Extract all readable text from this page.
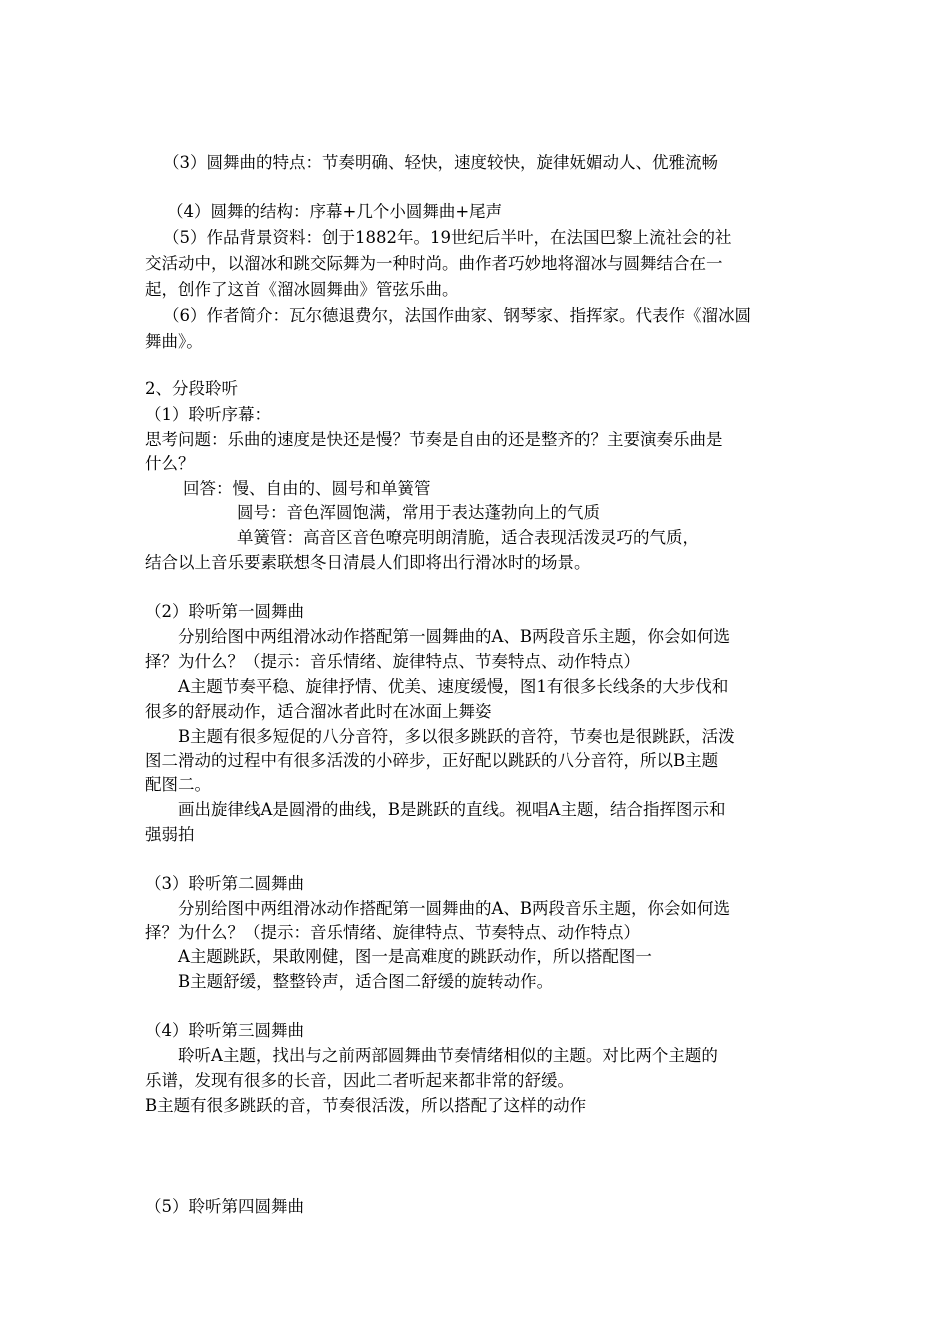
（3）圆舞曲的特点：节奏明确、轻快，速度较快，旋律妩媚动人、优雅流畅
（4）圆舞的结构：序幕+几个小圆舞曲+尾声
（5）作品背景资料：创于1882年。19世纪后半叶，在法国巴黎上流社会的社
交活动中，以溜冰和跳交际舞为一种时尚。曲作者巧妙地将溜冰与圆舞结合在一
起，创作了这首《溜冰圆舞曲》管弦乐曲。
（6）作者简介：瓦尔德退费尔，法国作曲家、钢琴家、指挥家。代表作《溜冰圆
舞曲》。
2、分段聆听
（1）聆听序幕：
思考问题：乐曲的速度是快还是慢？节奏是自由的还是整齐的？主要演奏乐曲是
什么？
回答：慢、自由的、圆号和单簧管
圆号：音色浑圆饱满，常用于表达蓬勃向上的气质
单簧管：高音区音色嘹亮明朗清脆，适合表现活泼灵巧的气质，
结合以上音乐要素联想冬日清晨人们即将出行滑冰时的场景。
（2）聆听第一圆舞曲
分别给图中两组滑冰动作搭配第一圆舞曲的A、B两段音乐主题，你会如何选
择？为什么？（提示：音乐情绪、旋律特点、节奏特点、动作特点）
A主题节奏平稳、旋律抒情、优美、速度缓慢，图1有很多长线条的大步伐和
很多的舒展动作，适合溜冰者此时在冰面上舞姿
B主题有很多短促的八分音符，多以很多跳跃的音符，节奏也是很跳跃，活泼
图二滑动的过程中有很多活泼的小碎步，正好配以跳跃的八分音符，所以B主题
配图二。
画出旋律线A是圆滑的曲线，B是跳跃的直线。视唱A主题，结合指挥图示和
强弱拍
（3）聆听第二圆舞曲
分别给图中两组滑冰动作搭配第一圆舞曲的A、B两段音乐主题，你会如何选
择？为什么？（提示：音乐情绪、旋律特点、节奏特点、动作特点）
A主题跳跃，果敢刚健，图一是高难度的跳跃动作，所以搭配图一
B主题舒缓，整整铃声，适合图二舒缓的旋转动作。
（4）聆听第三圆舞曲
聆听A主题，找出与之前两部圆舞曲节奏情绪相似的主题。对比两个主题的
乐谱，发现有很多的长音，因此二者听起来都非常的舒缓。
B主题有很多跳跃的音，节奏很活泼，所以搭配了这样的动作
（5）聆听第四圆舞曲
